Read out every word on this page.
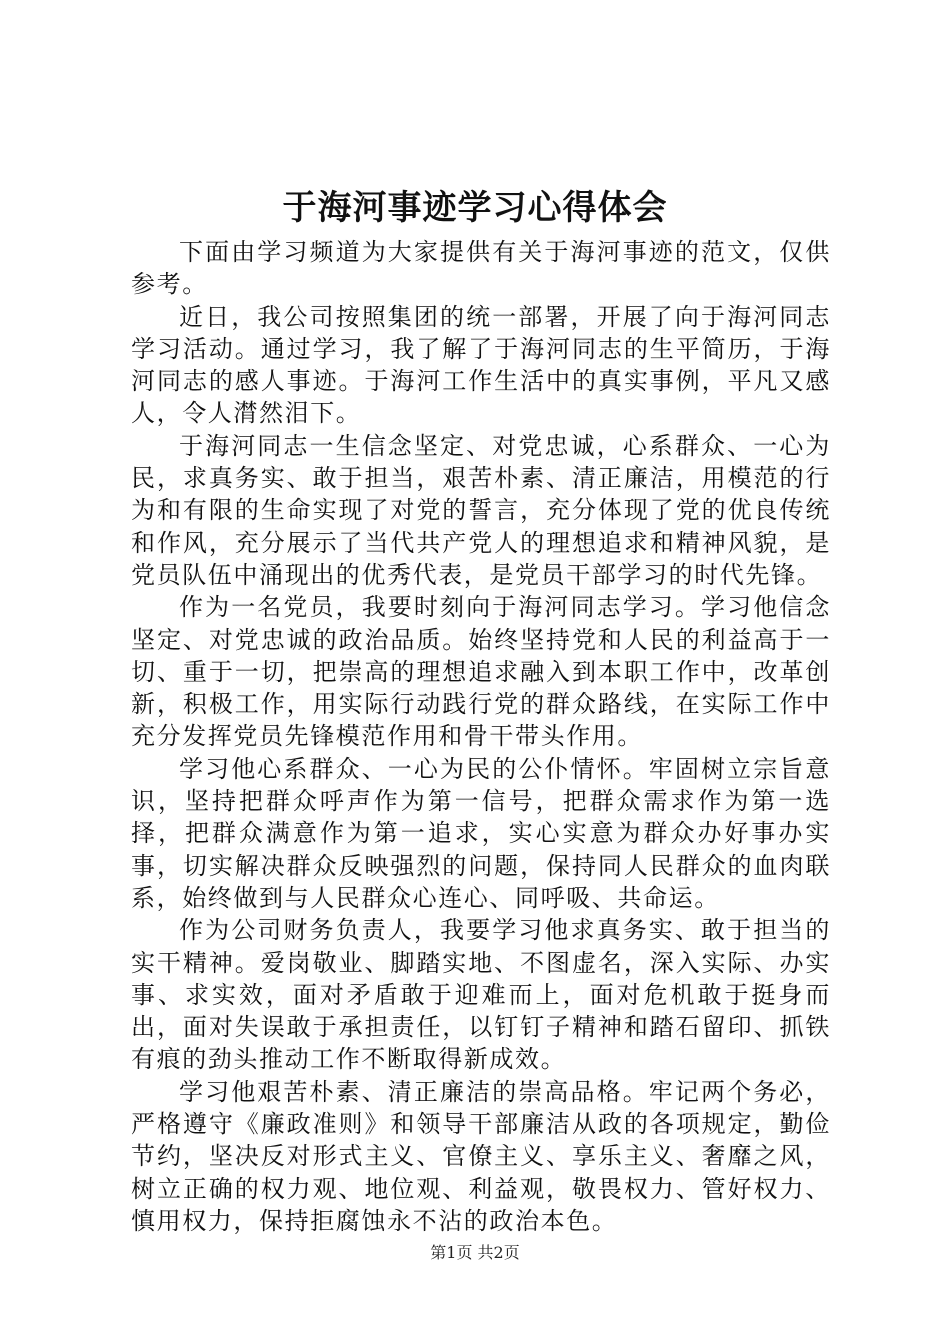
于海河事迹学习心得体会

下面由学习频道为大家提供有关于海河事迹的范文，仅供参考。

近日，我公司按照集团的统一部署，开展了向于海河同志学习活动。通过学习，我了解了于海河同志的生平简历，于海河同志的感人事迹。于海河工作生活中的真实事例，平凡又感人，令人潸然泪下。

于海河同志一生信念坚定、对党忠诚，心系群众、一心为民，求真务实、敢于担当，艰苦朴素、清正廉洁，用模范的行为和有限的生命实现了对党的誓言，充分体现了党的优良传统和作风，充分展示了当代共产党人的理想追求和精神风貌，是党员队伍中涌现出的优秀代表，是党员干部学习的时代先锋。

作为一名党员，我要时刻向于海河同志学习。学习他信念坚定、对党忠诚的政治品质。始终坚持党和人民的利益高于一切、重于一切，把崇高的理想追求融入到本职工作中，改革创新，积极工作，用实际行动践行党的群众路线，在实际工作中充分发挥党员先锋模范作用和骨干带头作用。

学习他心系群众、一心为民的公仆情怀。牢固树立宗旨意识，坚持把群众呼声作为第一信号，把群众需求作为第一选择，把群众满意作为第一追求，实心实意为群众办好事办实事，切实解决群众反映强烈的问题，保持同人民群众的血肉联系，始终做到与人民群众心连心、同呼吸、共命运。

作为公司财务负责人，我要学习他求真务实、敢于担当的实干精神。爱岗敬业、脚踏实地、不图虚名，深入实际、办实事、求实效，面对矛盾敢于迎难而上，面对危机敢于挺身而出，面对失误敢于承担责任，以钉钉子精神和踏石留印、抓铁有痕的劲头推动工作不断取得新成效。

学习他艰苦朴素、清正廉洁的崇高品格。牢记两个务必，严格遵守《廉政准则》和领导干部廉洁从政的各项规定，勤俭节约，坚决反对形式主义、官僚主义、享乐主义、奢靡之风，树立正确的权力观、地位观、利益观，敬畏权力、管好权力、慎用权力，保持拒腐蚀永不沾的政治本色。

第1页 共2页
